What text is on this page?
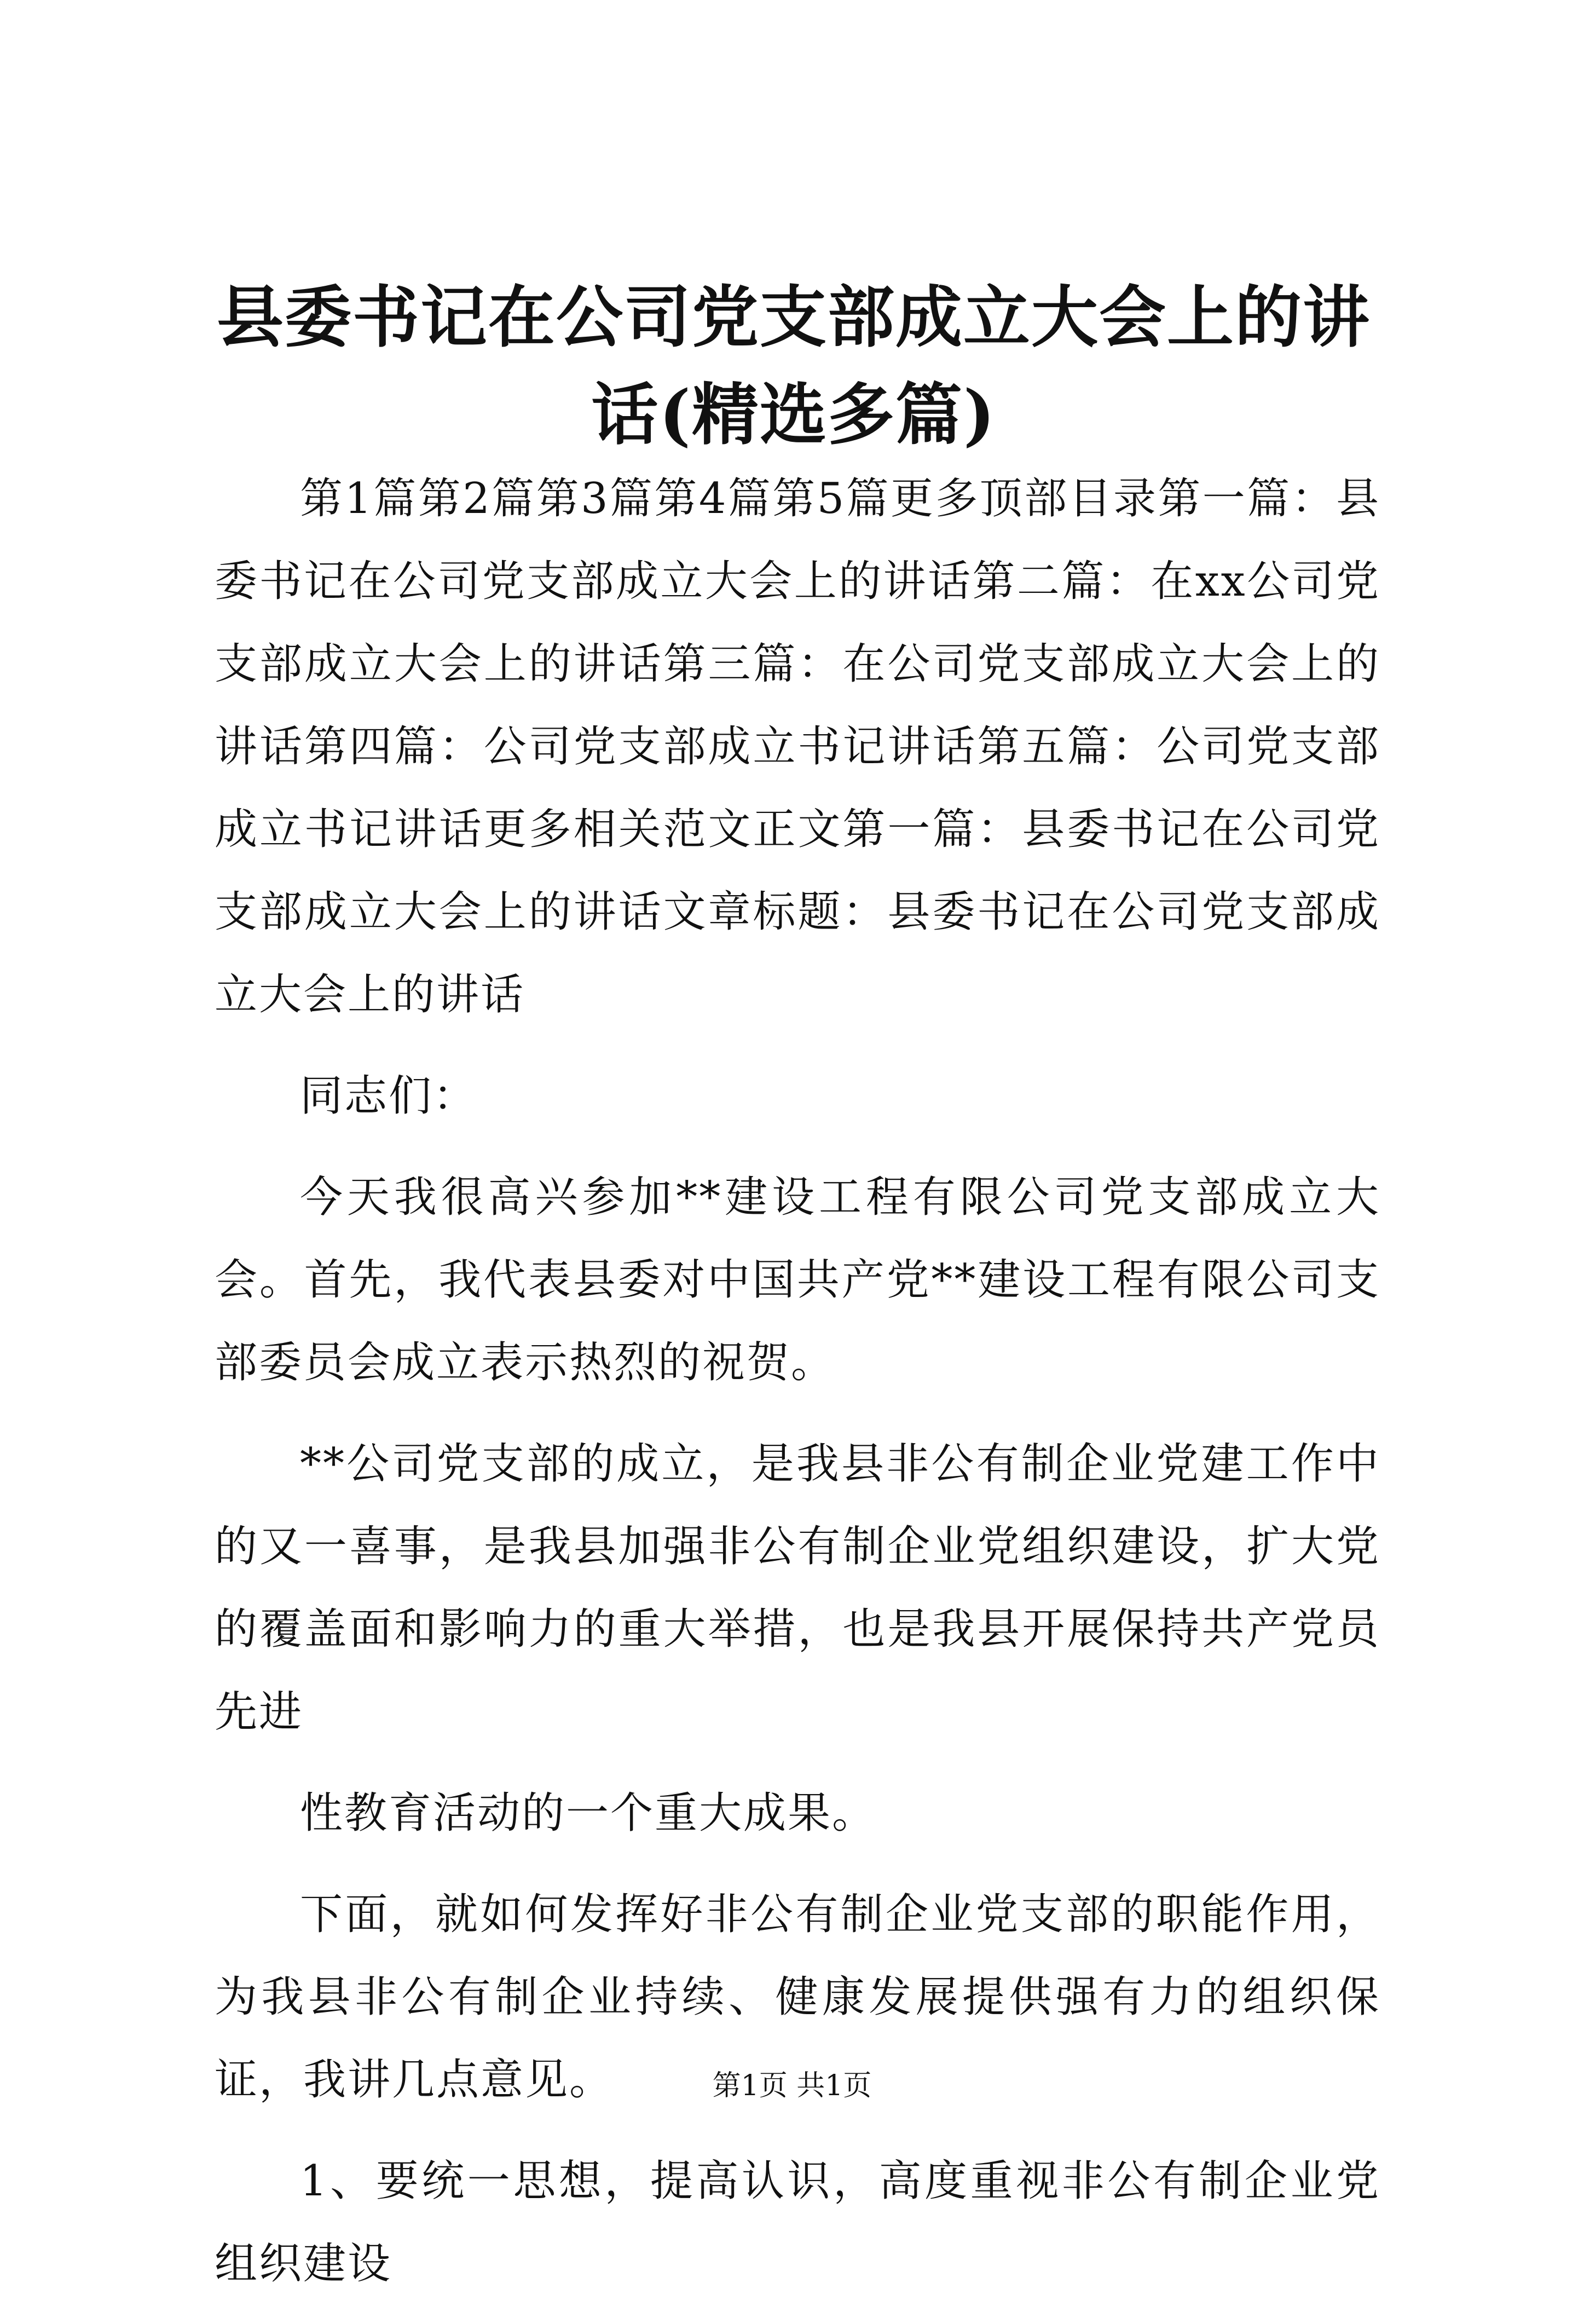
县委书记在公司党支部成立大会上的讲话(精选多篇)

第1篇第2篇第3篇第4篇第5篇更多顶部目录第一篇：县委书记在公司党支部成立大会上的讲话第二篇：在xx公司党支部成立大会上的讲话第三篇：在公司党支部成立大会上的讲话第四篇：公司党支部成立书记讲话第五篇：公司党支部成立书记讲话更多相关范文正文第一篇：县委书记在公司党支部成立大会上的讲话文章标题：县委书记在公司党支部成立大会上的讲话

同志们：

今天我很高兴参加**建设工程有限公司党支部成立大会。首先，我代表县委对中国共产党**建设工程有限公司支部委员会成立表示热烈的祝贺。

**公司党支部的成立，是我县非公有制企业党建工作中的又一喜事，是我县加强非公有制企业党组织建设，扩大党的覆盖面和影响力的重大举措，也是我县开展保持共产党员先进

性教育活动的一个重大成果。

下面，就如何发挥好非公有制企业党支部的职能作用，为我县非公有制企业持续、健康发展提供强有力的组织保证，我讲几点意见。

1、要统一思想，提高认识，高度重视非公有制企业党组织建设

第1页 共1页
